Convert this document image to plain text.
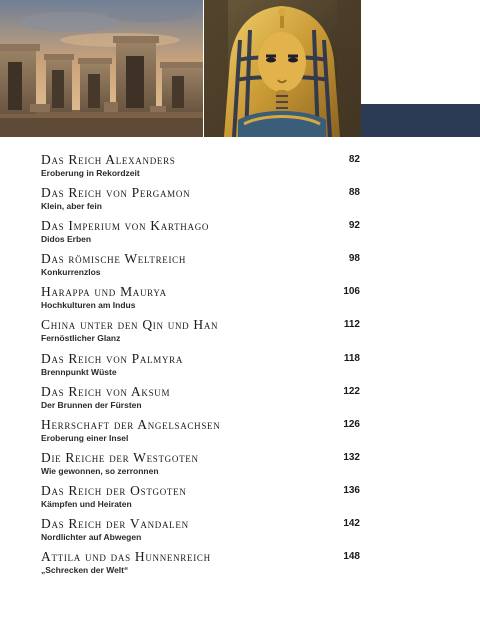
Das Reich Alexanders
Eroberung in Rekordzeit
82
Das Reich von Pergamon
Klein, aber fein
88
Das Imperium von Karthago
Didos Erben
92
Das römische Weltreich
Konkurrenzlos
98
Harappa und Maurya
Hochkulturen am Indus
106
China unter den Qin und Han
Fernöstlicher Glanz
112
Das Reich von Palmyra
Brennpunkt Wüste
118
Das Reich von Aksum
Der Brunnen der Fürsten
122
Herrschaft der Angelsachsen
Eroberung einer Insel
126
Die Reiche der Westgoten
Wie gewonnen, so zerronnen
132
Das Reich der Ostgoten
Kämpfen und Heiraten
136
Das Reich der Vandalen
Nordlichter auf Abwegen
142
Attila und das Hunnenreich
„Schrecken der Welt“
148
